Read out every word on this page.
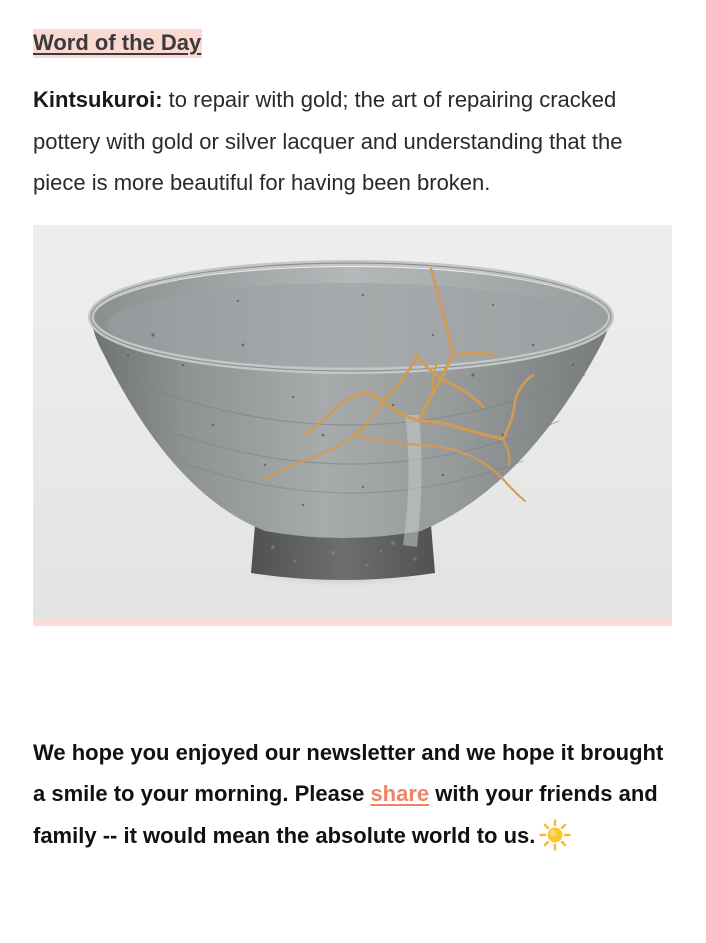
Word of the Day
Kintsukuroi: to repair with gold; the art of repairing cracked pottery with gold or silver lacquer and understanding that the piece is more beautiful for having been broken.
We hope you enjoyed our newsletter and we hope it brought a smile to your morning. Please share with your friends and family -- it would mean the absolute world to us.
